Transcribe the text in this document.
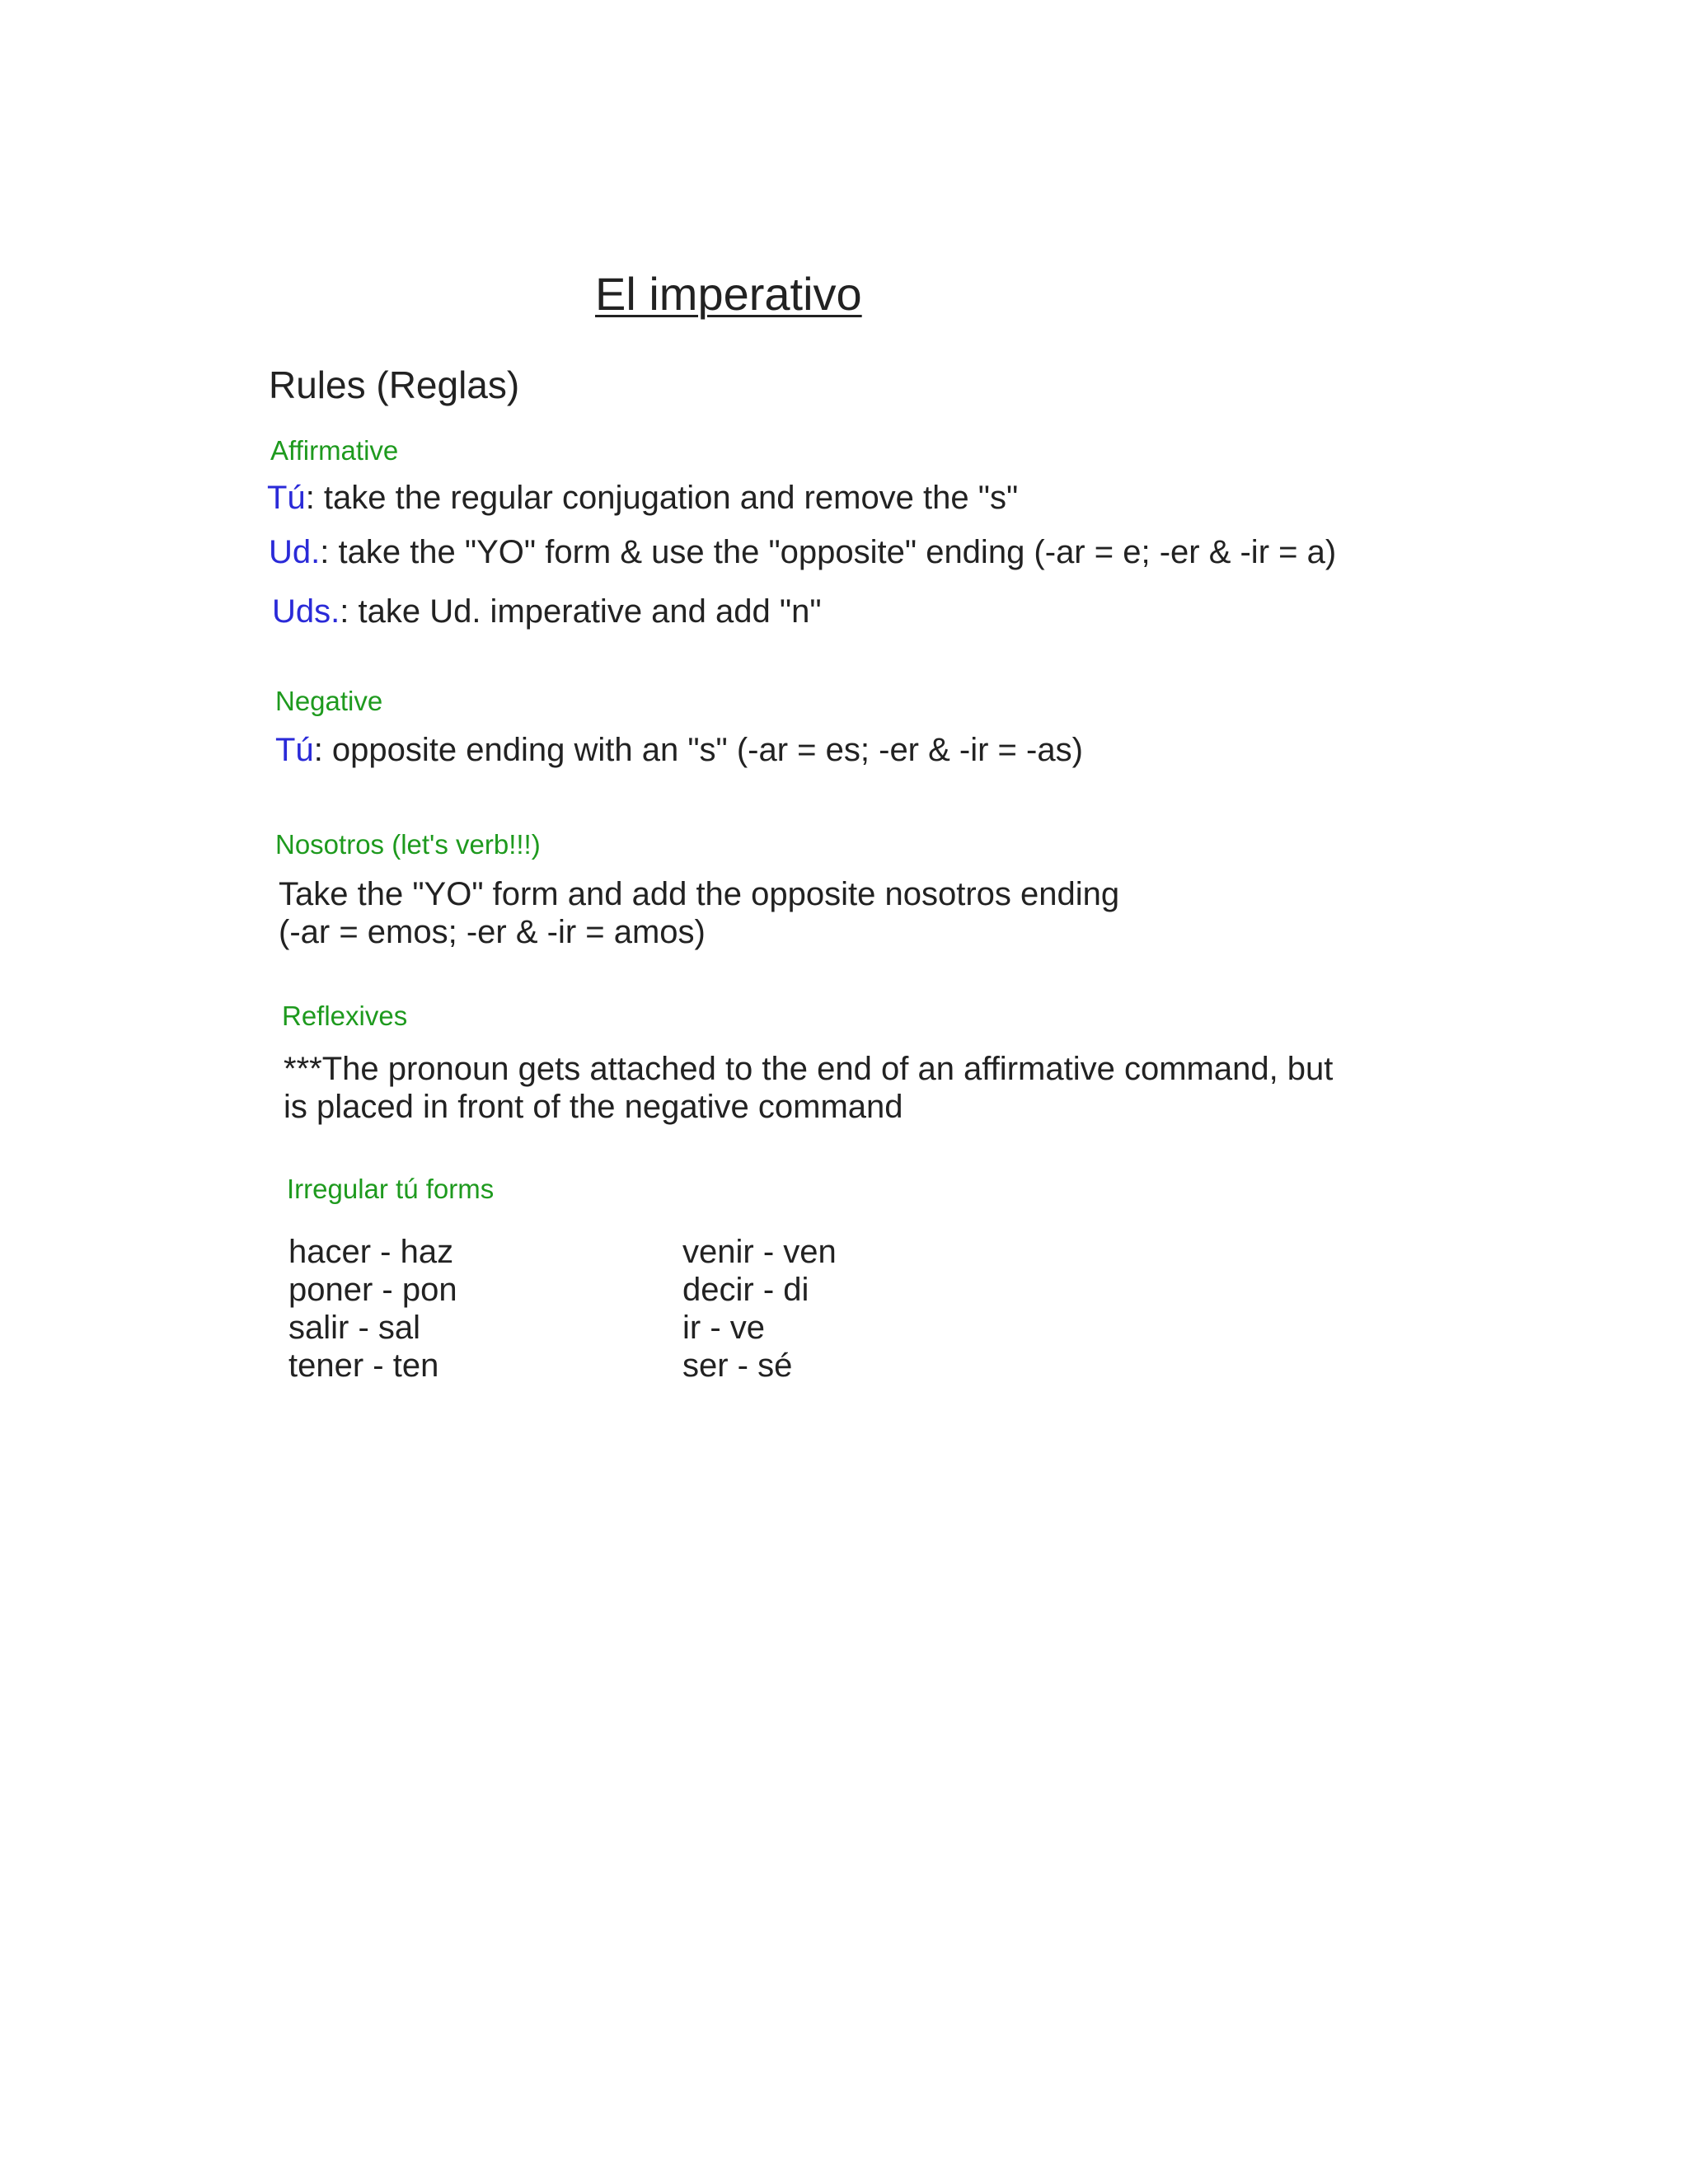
El imperativo
Rules (Reglas)
Affirmative
Tú: take the regular conjugation and remove the "s"
Ud.: take the "YO" form & use the "opposite" ending (-ar = e; -er & -ir = a)
Uds.: take Ud. imperative and add "n"
Negative
Tú: opposite ending with an "s" (-ar = es; -er & -ir = -as)
Nosotros (let's verb!!!)
Take the "YO" form and add the opposite nosotros ending
(-ar = emos; -er & -ir = amos)
Reflexives
***The pronoun gets attached to the end of an affirmative command, but
is placed in front of the negative command
Irregular tú forms
hacer - haz
poner - pon
salir - sal
tener - ten
venir - ven
decir - di
ir - ve
ser - sé
